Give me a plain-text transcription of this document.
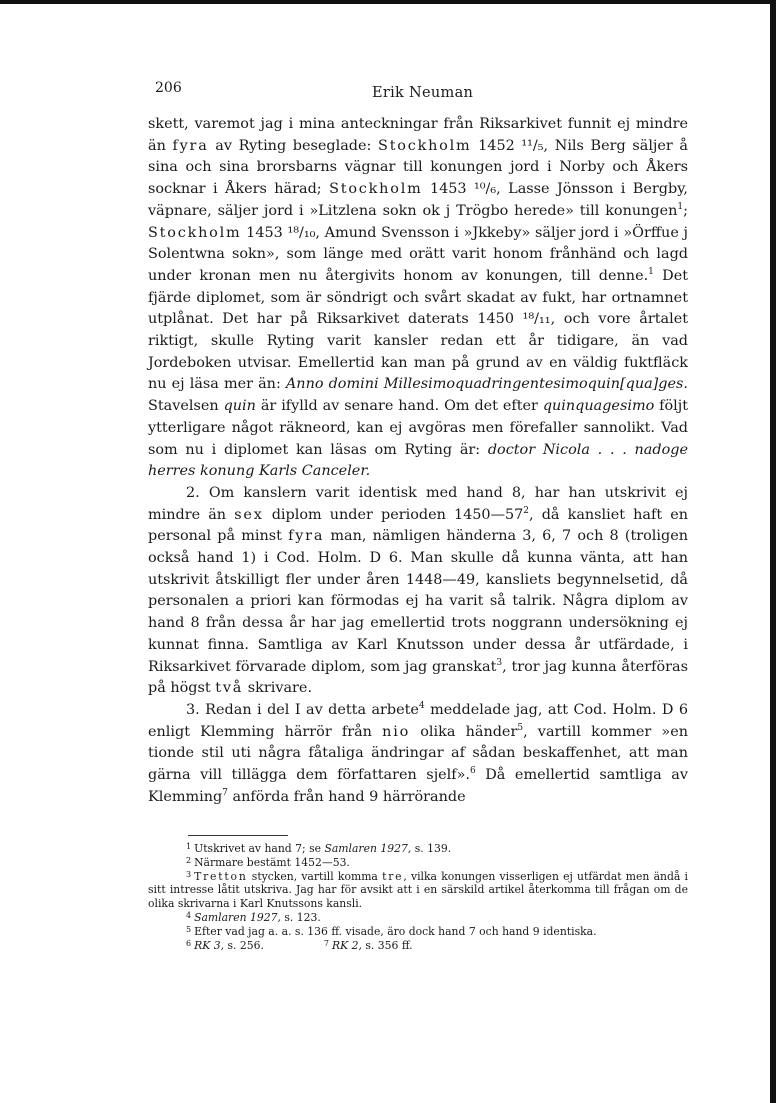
206	Erik Neuman

skett, varemot jag i mina anteckningar från Riksarkivet funnit ej mindre än fyra av Ryting beseglade: Stockholm 1452 ¹¹/₅, Nils Berg säljer å sina och sina brorsbarns vägnar till konungen jord i Norby och Åkers socknar i Åkers härad; Stockholm 1453 ¹⁰/₆, Lasse Jönsson i Bergby, väpnare, säljer jord i »Litzlena sokn ok j Trögbo herede» till konungen$^1$; Stockholm 1453 ¹⁸/₁₀, Amund Svensson i »Jkkeby» säljer jord i »Örffue j Solentwna sokn», som länge med orätt varit honom frånhänd och lagd under kronan men nu återgivits honom av konungen, till denne.$^1$ Det fjärde diplomet, som är söndrigt och svårt skadat av fukt, har ortnamnet utplånat. Det har på Riksarkivet daterats 1450 ¹⁸/₁₁, och vore årtalet riktigt, skulle Ryting varit kansler redan ett år tidigare, än vad Jordeboken utvisar. Emellertid kan man på grund av en väldig fuktfläck nu ej läsa mer än: Anno domini Millesimoquadringentesimoquin[qua]ges. Stavelsen quin är ifylld av senare hand. Om det efter quinquagesimo följt ytterligare något räkneord, kan ej avgöras men förefaller sannolikt. Vad som nu i diplomet kan läsas om Ryting är: doctor Nicola . . . nadoge herres konung Karls Canceler.

2. Om kanslern varit identisk med hand 8, har han utskrivit ej mindre än sex diplom under perioden $1450—57^2$, då kansliet haft en personal på minst fyra man, nämligen händerna 3, 6, 7 och 8 (troligen också hand 1) i Cod. Holm. D 6. Man skulle då kunna vänta, att han utskrivit åtskilligt fler under åren 1448—49, kansliets begynnelsetid, då personalen a priori kan förmodas ej ha varit så talrik. Några diplom av hand 8 från dessa år har jag emellertid trots noggrann undersökning ej kunnat finna. Samtliga av Karl Knutsson under dessa år utfärdade, i Riksarkivet förvarade diplom, som jag granskat$^3$, tror jag kunna återföras på högst två skrivare.

3. Redan i del I av detta arbete$^4$ meddelade jag, att Cod. Holm. D 6 enligt Klemming härrör från nio olika händer$^5$, vartill kommer »en tionde stil uti några fåtaliga ändringar af sådan beskaffenhet, att man gärna vill tillägga dem författaren sjelf».$^6$ Då emellertid samtliga av Klemming$^7$ anförda från hand 9 härrörande

$^1$ Utskrivet av hand 7; se Samlaren 1927, s. 139.

$^2$ Närmare bestämt 1452—53.

$^3$ Tretton stycken, vartill komma tre, vilka konungen visserligen ej utfärdat men ändå i sitt intresse låtit utskriva. Jag har för avsikt att i en särskild artikel återkomma till frågan om de olika skrivarna i Karl Knutssons kansli.

$^4$ Samlaren 1927, s. 123.

$^5$ Efter vad jag a. a. s. 136 ff. visade, äro dock hand 7 och hand 9 identiska.

$^6$ RK 3, s. 256.	$^7$ RK 2, s. 356 ff.
